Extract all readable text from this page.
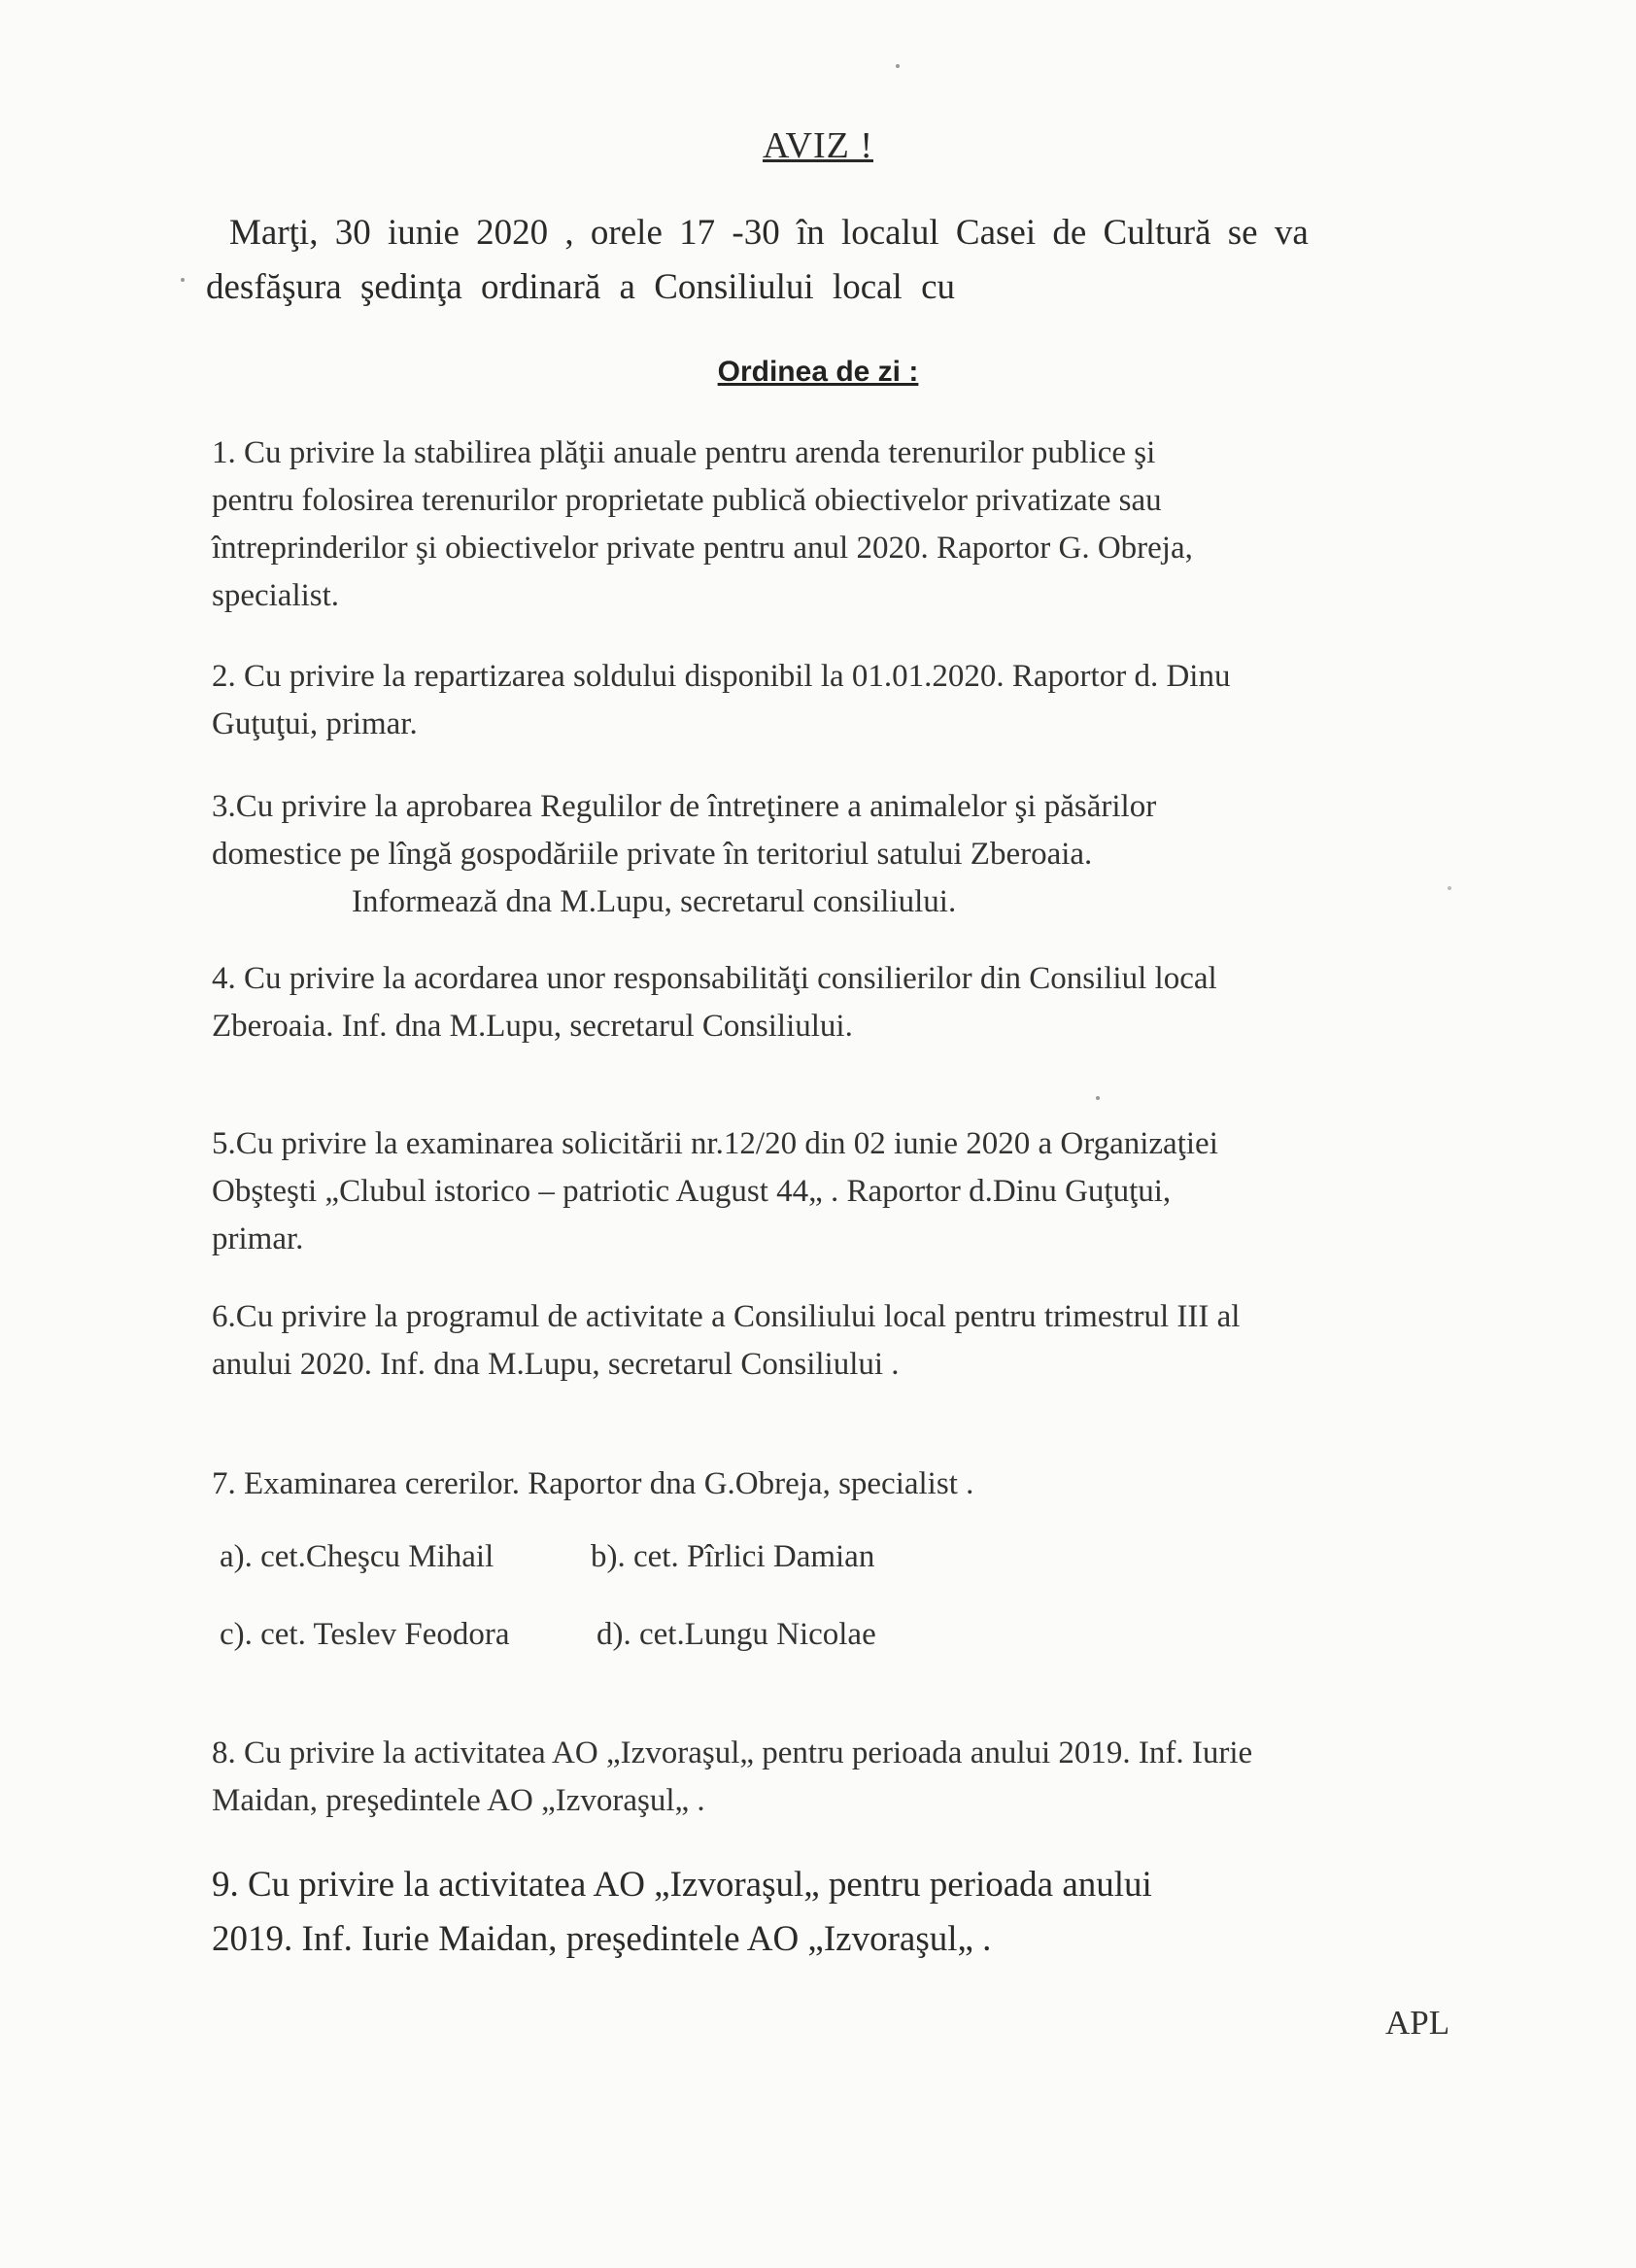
AVIZ !
Marţi, 30 iunie 2020 , orele 17 -30 în localul Casei de Cultură se va
desfăşura şedinţa ordinară a Consiliului local cu
Ordinea de zi :
1. Cu privire la stabilirea plăţii anuale pentru arenda terenurilor publice şi
pentru folosirea terenurilor proprietate publică obiectivelor privatizate sau
întreprinderilor şi obiectivelor private pentru anul 2020. Raportor G. Obreja,
specialist.
2. Cu privire la repartizarea soldului disponibil la 01.01.2020. Raportor d. Dinu
Guţuţui, primar.
3.Cu privire la aprobarea Regulilor de întreţinere a animalelor şi păsărilor
domestice pe lîngă gospodăriile private în teritoriul satului Zberoaia.
Informează dna M.Lupu, secretarul consiliului.
4. Cu privire la acordarea unor responsabilităţi consilierilor din Consiliul local
Zberoaia. Inf. dna M.Lupu, secretarul Consiliului.
5.Cu privire la examinarea solicitării nr.12/20 din 02 iunie 2020 a Organizaţiei
Obşteşti „Clubul istorico – patriotic August 44„ . Raportor d.Dinu Guţuţui,
primar.
6.Cu privire la programul de activitate a Consiliului local pentru trimestrul III al
anului 2020. Inf. dna M.Lupu, secretarul Consiliului .
7. Examinarea cererilor. Raportor dna G.Obreja, specialist .
a). cet.Cheşcu Mihail	b). cet. Pîrlici Damian
c). cet. Teslev Feodora	d). cet.Lungu Nicolae
8. Cu privire la activitatea AO „Izvoraşul„ pentru perioada anului 2019. Inf. Iurie
Maidan, preşedintele AO „Izvoraşul„ .
9. Cu privire la activitatea AO „Izvoraşul„ pentru perioada anului
2019. Inf. Iurie Maidan, preşedintele AO „Izvoraşul„ .
APL
